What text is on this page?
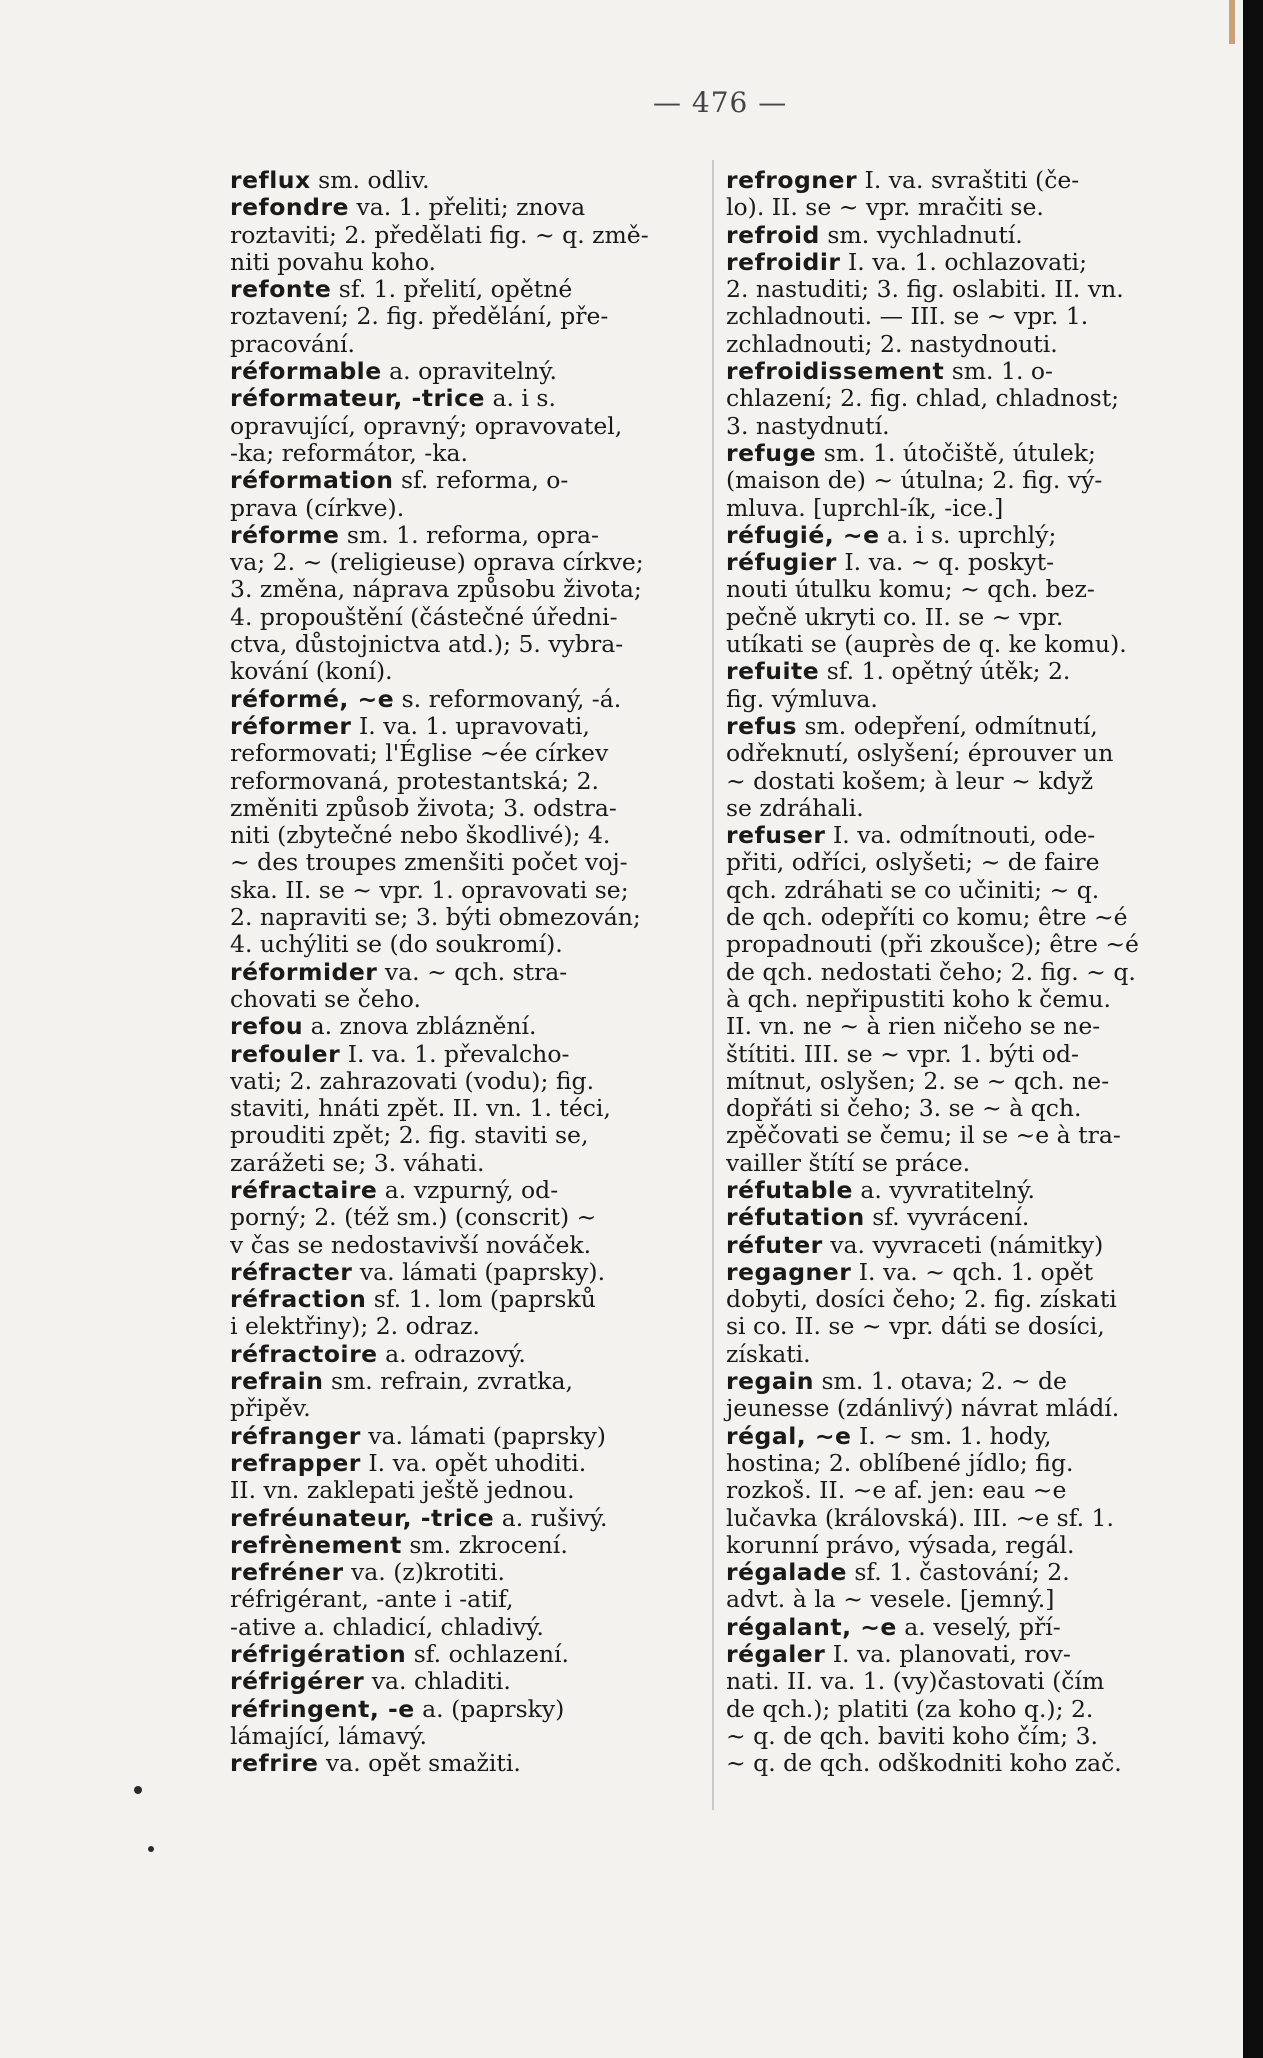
— 476 —
reflux sm. odliv.
refondre va. 1. přeliti; znova
roztaviti; 2. předělati fig. ~ q. změ-
niti povahu koho.
refonte sf. 1. přelití, opětné
roztavení; 2. fig. předělání, pře-
pracování.
réformable a. opravitelný.
réformateur, -trice a. i s.
opravující, opravný; opravovatel,
-ka; reformátor, -ka.
réformation sf. reforma, o-
prava (církve).
réforme sm. 1. reforma, opra-
va; 2. ~ (religieuse) oprava církve;
3. změna, náprava způsobu života;
4. propouštění (částečné úředni-
ctva, důstojnictva atd.); 5. vybra-
kování (koní).
réformé, ~e s. reformovaný, -á.
réformer I. va. 1. upravovati,
reformovati; l'Église ~ée církev
reformovaná, protestantská; 2.
změniti způsob života; 3. odstra-
niti (zbytečné nebo škodlivé); 4.
~ des troupes zmenšiti počet voj-
ska. II. se ~ vpr. 1. opravovati se;
2. napraviti se; 3. býti obmezován;
4. uchýliti se (do soukromí).
réformider va. ~ qch. stra-
chovati se čeho.
refou a. znova zbláznění.
refouler I. va. 1. převalcho-
vati; 2. zahrazovati (vodu); fig.
staviti, hnáti zpět. II. vn. 1. téci,
prouditi zpět; 2. fig. staviti se,
zarážeti se; 3. váhati.
réfractaire a. vzpurný, od-
porný; 2. (též sm.) (conscrit) ~
v čas se nedostavivší nováček.
réfracter va. lámati (paprsky).
réfraction sf. 1. lom (paprsků
i elektřiny); 2. odraz.
réfractoire a. odrazový.
refrain sm. refrain, zvratka,
připěv.
réfranger va. lámati (paprsky)
refrapper I. va. opět uhoditi.
II. vn. zaklepati ještě jednou.
refréunateur, -trice a. rušivý.
refrènement sm. zkrocení.
refréner va. (z)krotiti.
réfrigérant, -ante i -atif,
-ative a. chladicí, chladivý.
réfrigération sf. ochlazení.
réfrigérer va. chladiti.
réfringent, -e a. (paprsky)
lámající, lámavý.
refrire va. opět smažiti.
refrogner I. va. svraštiti (če-
lo). II. se ~ vpr. mračiti se.
refroid sm. vychladnutí.
refroidir I. va. 1. ochlazovati;
2. nastuditi; 3. fig. oslabiti. II. vn.
zchladnouti. — III. se ~ vpr. 1.
zchladnouti; 2. nastydnouti.
refroidissement sm. 1. o-
chlazení; 2. fig. chlad, chladnost;
3. nastydnutí.
refuge sm. 1. útočiště, útulek;
(maison de) ~ útulna; 2. fig. vý-
mluva. [uprchl-ík, -ice.]
réfugié, ~e a. i s. uprchlý;
réfugier I. va. ~ q. poskyt-
nouti útulku komu; ~ qch. bez-
pečně ukryti co. II. se ~ vpr.
utíkati se (auprès de q. ke komu).
refuite sf. 1. opětný útěk; 2.
fig. výmluva.
refus sm. odepření, odmítnutí,
odřeknutí, oslyšení; éprouver un
~ dostati košem; à leur ~ když
se zdráhali.
refuser I. va. odmítnouti, ode-
přiti, odříci, oslyšeti; ~ de faire
qch. zdráhati se co učiniti; ~ q.
de qch. odepříti co komu; être ~é
propadnouti (při zkoušce); être ~é
de qch. nedostati čeho; 2. fig. ~ q.
à qch. nepřipustiti koho k čemu.
II. vn. ne ~ à rien ničeho se ne-
štítiti. III. se ~ vpr. 1. býti od-
mítnut, oslyšen; 2. se ~ qch. ne-
dopřáti si čeho; 3. se ~ à qch.
zpěčovati se čemu; il se ~e à tra-
vailler štítí se práce.
réfutable a. vyvratitelný.
réfutation sf. vyvrácení.
réfuter va. vyvraceti (námitky)
regagner I. va. ~ qch. 1. opět
dobyti, dosíci čeho; 2. fig. získati
si co. II. se ~ vpr. dáti se dosíci,
získati.
regain sm. 1. otava; 2. ~ de
jeunesse (zdánlivý) návrat mládí.
régal, ~e I. ~ sm. 1. hody,
hostina; 2. oblíbené jídlo; fig.
rozkoš. II. ~e af. jen: eau ~e
lučavka (královská). III. ~e sf. 1.
korunní právo, výsada, regál.
régalade sf. 1. častování; 2.
advt. à la ~ vesele. [jemný.]
régalant, ~e a. veselý, pří-
régaler I. va. planovati, rov-
nati. II. va. 1. (vy)častovati (čím
de qch.); platiti (za koho q.); 2.
~ q. de qch. baviti koho čím; 3.
~ q. de qch. odškodniti koho zač.
